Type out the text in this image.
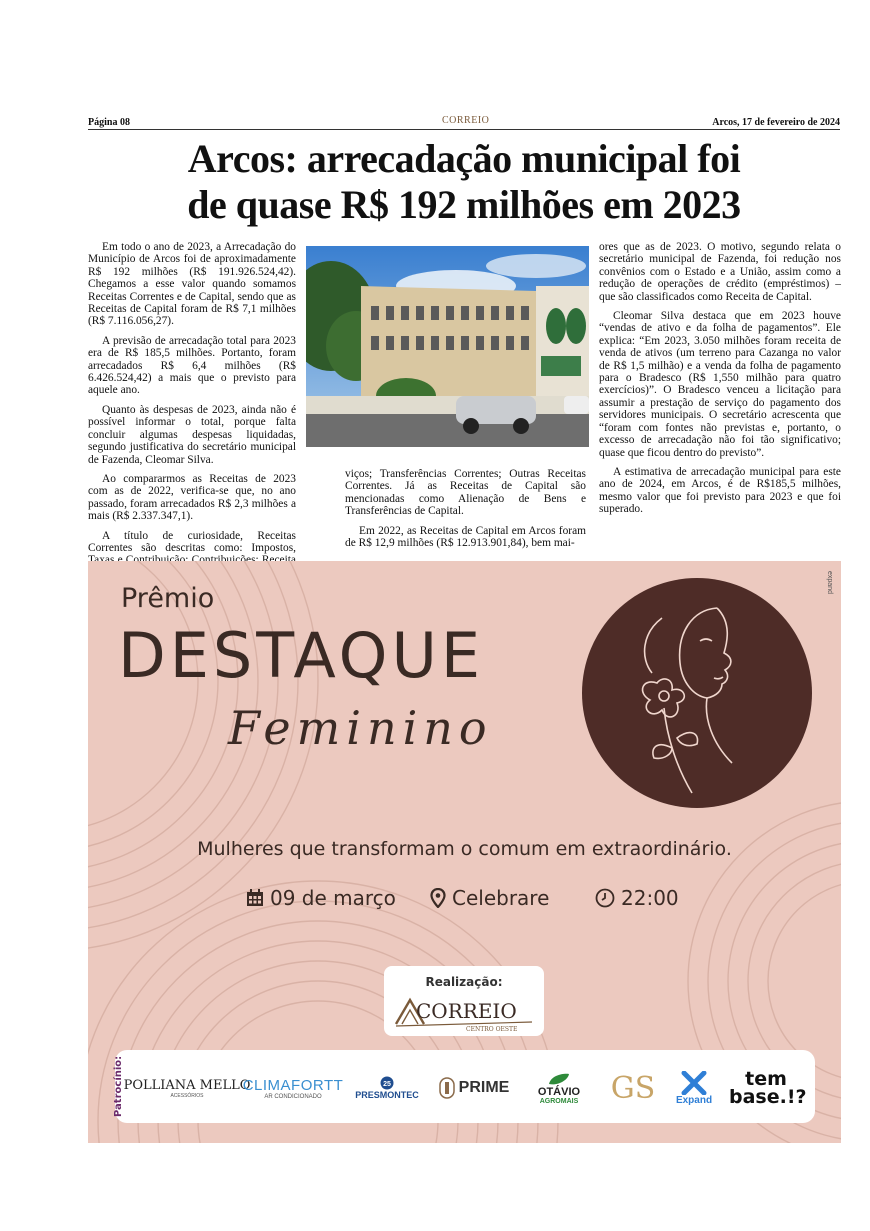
Página 08	CORREIO	Arcos, 17 de fevereiro de 2024
Arcos: arrecadação municipal foi
de quase R$ 192 milhões em 2023

Em todo o ano de 2023, a Arrecadação do Município de Arcos foi de aproximadamente R$ 192 milhões (R$ 191.926.524,42). Chegamos a esse valor quando somamos Receitas Correntes e de Capital, sendo que as Receitas de Capital foram de R$ 7,1 milhões (R$ 7.116.056,27).

A previsão de arrecadação total para 2023 era de R$ 185,5 milhões. Portanto, foram arrecadados R$ 6,4 milhões (R$ 6.426.524,42) a mais que o previsto para aquele ano.

Quanto às despesas de 2023, ainda não é possível informar o total, porque falta concluir algumas despesas liquidadas, segundo justificativa do secretário municipal de Fazenda, Cleomar Silva.

Ao compararmos as Receitas de 2023 com as de 2022, verifica-se que, no ano passado, foram arrecadados R$ 2,3 milhões a mais (R$ 2.337.347,1).

A título de curiosidade, Receitas Correntes são descritas como: Impostos,

viços; Transferências Correntes; Outras Receitas Correntes. Já as Receitas de Capital são mencionadas como Alienação de Bens e Transferências de Capital.

Em 2022, as Receitas de Capital em Arcos foram de R$ 12,9 milhões (R$ 12.913.901,84), bem mai-

ores que as de 2023. O motivo, segundo relata o secretário municipal de Fazenda, foi redução nos convênios com o Estado e a União, assim como a redução de operações de crédito (empréstimos) – que são classificados como Receita de Capital.

Cleomar Silva destaca que em 2023 houve “vendas de ativo e da folha de pagamentos”. Ele explica: “Em 2023, 3.050 milhões foram receita de venda de ativos (um terreno para Cazanga no valor de R$ 1,5 milhão) e a venda da folha de pagamento para o Bradesco (R$ 1,550 milhão para quatro exercícios)”. O Bradesco venceu a licitação para assumir a prestação de serviço do pagamento dos servidores municipais. O secretário acrescenta que “foram com fontes não previstas e, portanto, o excesso de arrecadação não foi tão significativo; quase que ficou dentro do previsto”.

A estimativa de arrecadação municipal para este ano de 2024, em Arcos, é de R$185,5 milhões, mesmo valor que foi previsto para 2023 e que foi superado.

expand
Prêmio
DESTAQUE
Feminino
Mulheres que transformam o comum em extraordinário.
09 de março	Celebrare	22:00
Realização:
CORREIO
CENTRO OESTE
Patrocínio: POLLIANA MELLO
ACESSÓRIOS
CLIMAFORTT
AR CONDICIONADO
25
PRESMONTEC PRIME	OTÁVIO
AGROMAIS GS Expand
tem base.!?
